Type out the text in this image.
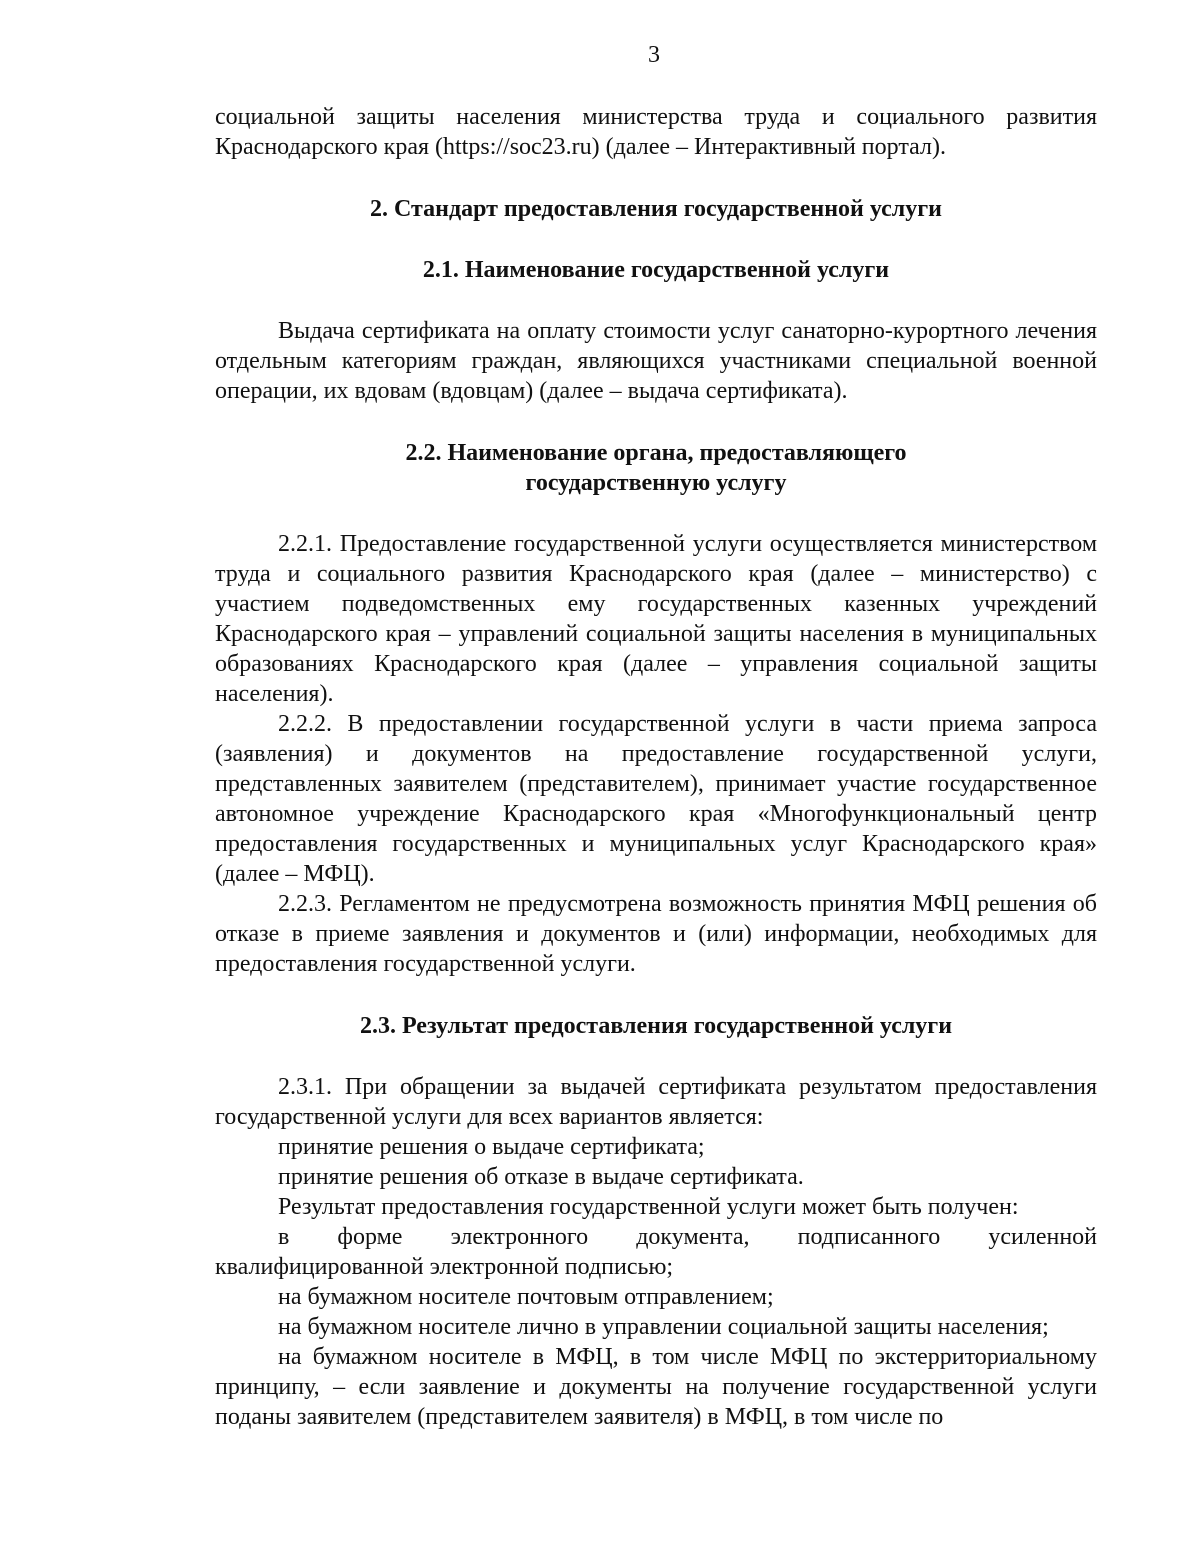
3

социальной защиты населения министерства труда и социального развития Краснодарского края (https://soc23.ru) (далее – Интерактивный портал).

2. Стандарт предоставления государственной услуги
2.1. Наименование государственной услуги

Выдача сертификата на оплату стоимости услуг санаторно-курортного лечения отдельным категориям граждан, являющихся участниками специальной военной операции, их вдовам (вдовцам) (далее – выдача сертификата).

2.2. Наименование органа, предоставляющего
государственную услугу

2.2.1. Предоставление государственной услуги осуществляется министерством труда и социального развития Краснодарского края (далее – министерство) с участием подведомственных ему государственных казенных учреждений Краснодарского края – управлений социальной защиты населения в муниципальных образованиях Краснодарского края (далее – управления социальной защиты населения).

2.2.2. В предоставлении государственной услуги в части приема запроса (заявления) и документов на предоставление государственной услуги, представленных заявителем (представителем), принимает участие государственное автономное учреждение Краснодарского края «Многофункциональный центр предоставления государственных и муниципальных услуг Краснодарского края» (далее – МФЦ).

2.2.3. Регламентом не предусмотрена возможность принятия МФЦ решения об отказе в приеме заявления и документов и (или) информации, необходимых для предоставления государственной услуги.

2.3. Результат предоставления государственной услуги

2.3.1. При обращении за выдачей сертификата результатом предоставления государственной услуги для всех вариантов является:

принятие решения о выдаче сертификата;

принятие решения об отказе в выдаче сертификата.

Результат предоставления государственной услуги может быть получен:

в форме электронного документа, подписанного усиленной квалифицированной электронной подписью;

на бумажном носителе почтовым отправлением;

на бумажном носителе лично в управлении социальной защиты населения;

на бумажном носителе в МФЦ, в том числе МФЦ по экстерриториальному принципу, – если заявление и документы на получение государственной услуги поданы заявителем (представителем заявителя) в МФЦ, в том числе по
